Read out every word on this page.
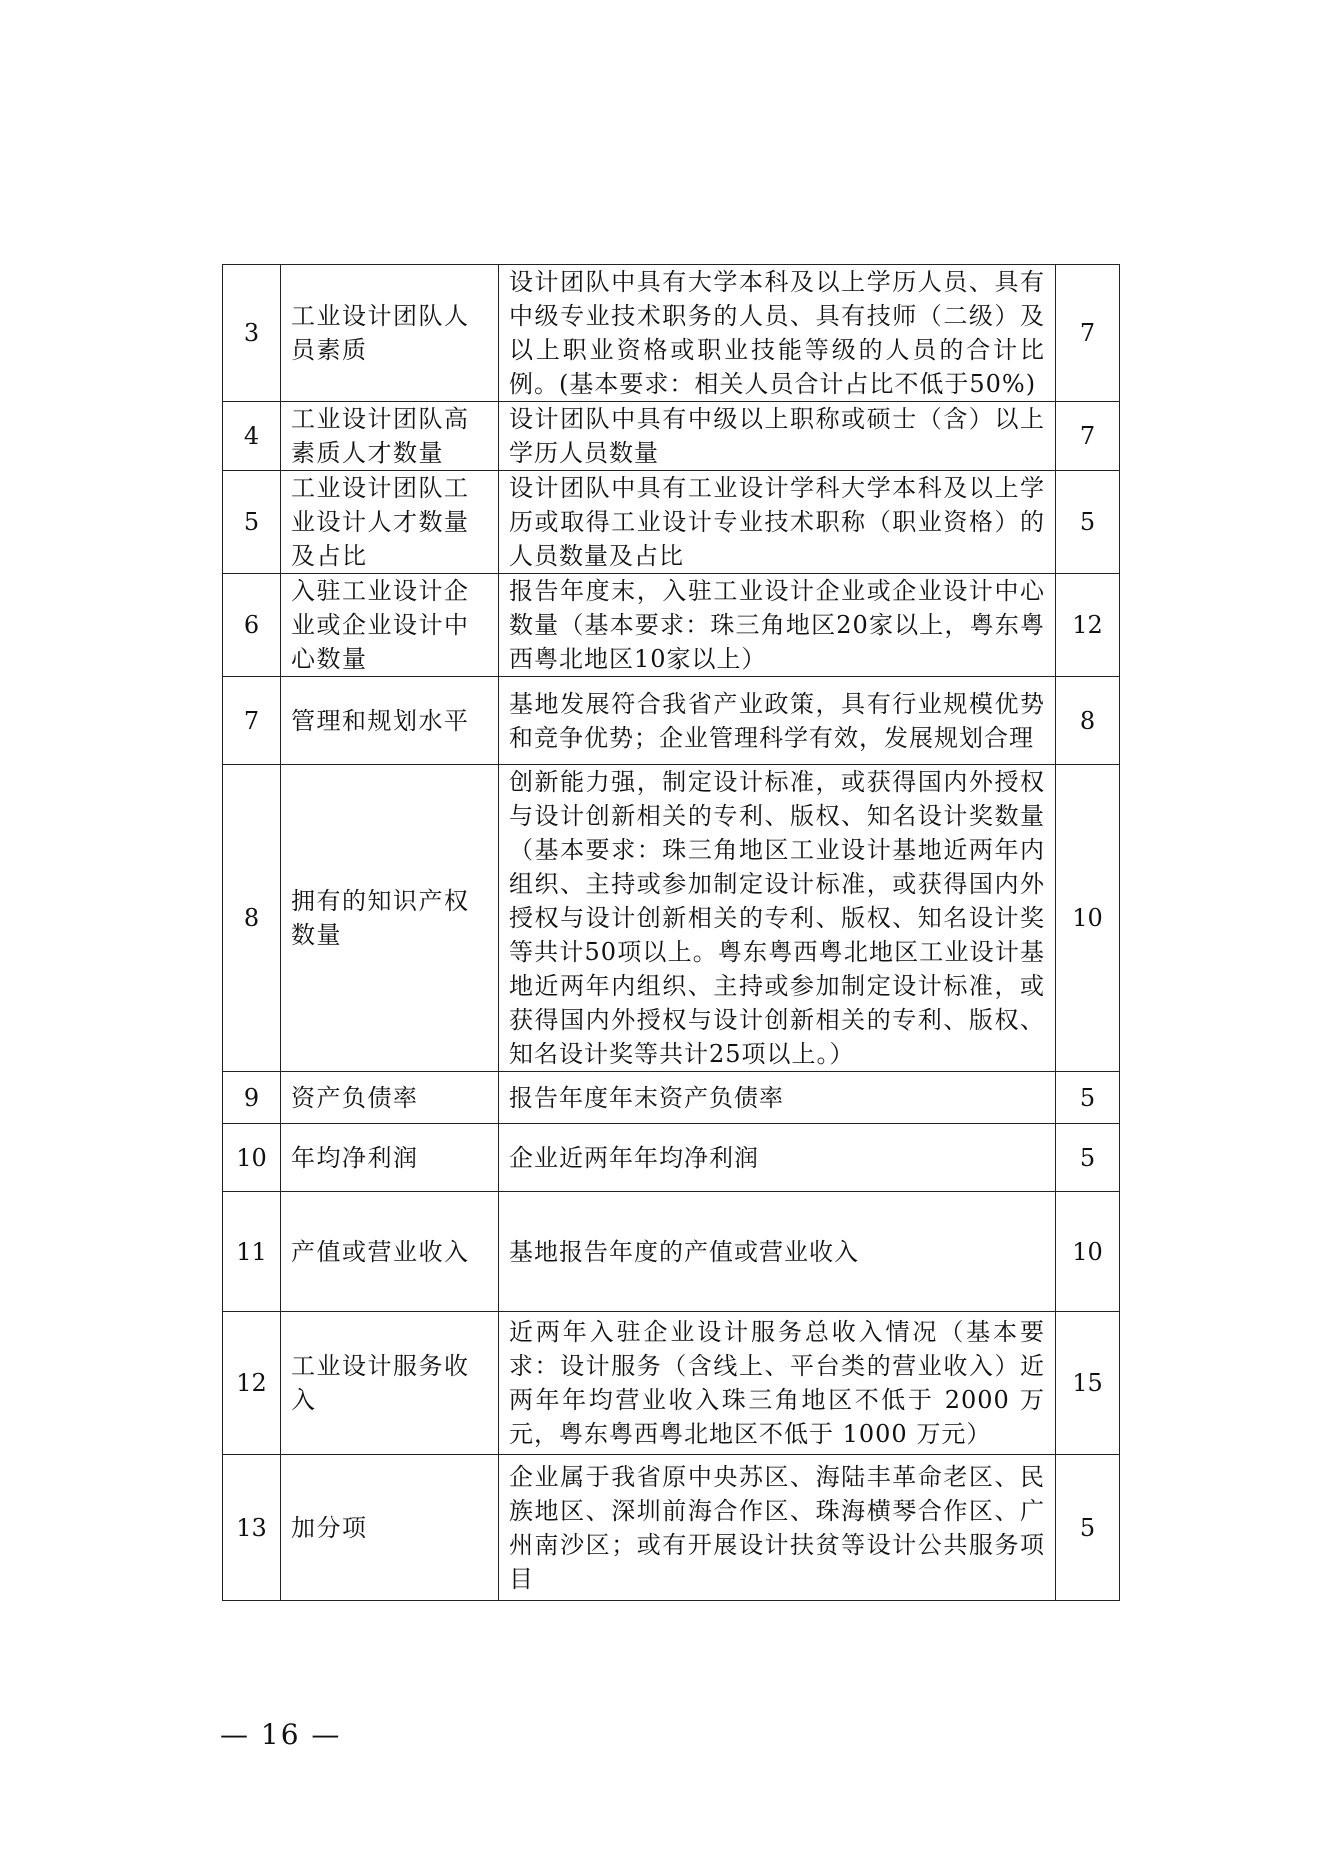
3	工业设计团队人员素质	设计团队中具有大学本科及以上学历人员、具有中级专业技术职务的人员、具有技师（二级）及以上职业资格或职业技能等级的人员的合计比例。(基本要求：相关人员合计占比不低于50%)	7
4	工业设计团队高素质人才数量	设计团队中具有中级以上职称或硕士（含）以上学历人员数量	7
5	工业设计团队工业设计人才数量及占比	设计团队中具有工业设计学科大学本科及以上学历或取得工业设计专业技术职称（职业资格）的人员数量及占比	5
6	入驻工业设计企业或企业设计中心数量	报告年度末，入驻工业设计企业或企业设计中心数量（基本要求：珠三角地区20家以上，粤东粤西粤北地区10家以上）	12
7	管理和规划水平	基地发展符合我省产业政策，具有行业规模优势和竞争优势；企业管理科学有效，发展规划合理	8
8	拥有的知识产权数量	创新能力强，制定设计标准，或获得国内外授权与设计创新相关的专利、版权、知名设计奖数量（基本要求：珠三角地区工业设计基地近两年内组织、主持或参加制定设计标准，或获得国内外授权与设计创新相关的专利、版权、知名设计奖等共计50项以上。粤东粤西粤北地区工业设计基地近两年内组织、主持或参加制定设计标准，或获得国内外授权与设计创新相关的专利、版权、知名设计奖等共计25项以上。）	10
9	资产负债率	报告年度年末资产负债率	5
10	年均净利润	企业近两年年均净利润	5
11	产值或营业收入	基地报告年度的产值或营业收入	10
12	工业设计服务收入	近两年入驻企业设计服务总收入情况（基本要求：设计服务（含线上、平台类的营业收入）近两年年均营业收入珠三角地区不低于 2000 万元，粤东粤西粤北地区不低于 1000 万元）	15
13	加分项	企业属于我省原中央苏区、海陆丰革命老区、民族地区、深圳前海合作区、珠海横琴合作区、广州南沙区；或有开展设计扶贫等设计公共服务项目	5
— 16 —
